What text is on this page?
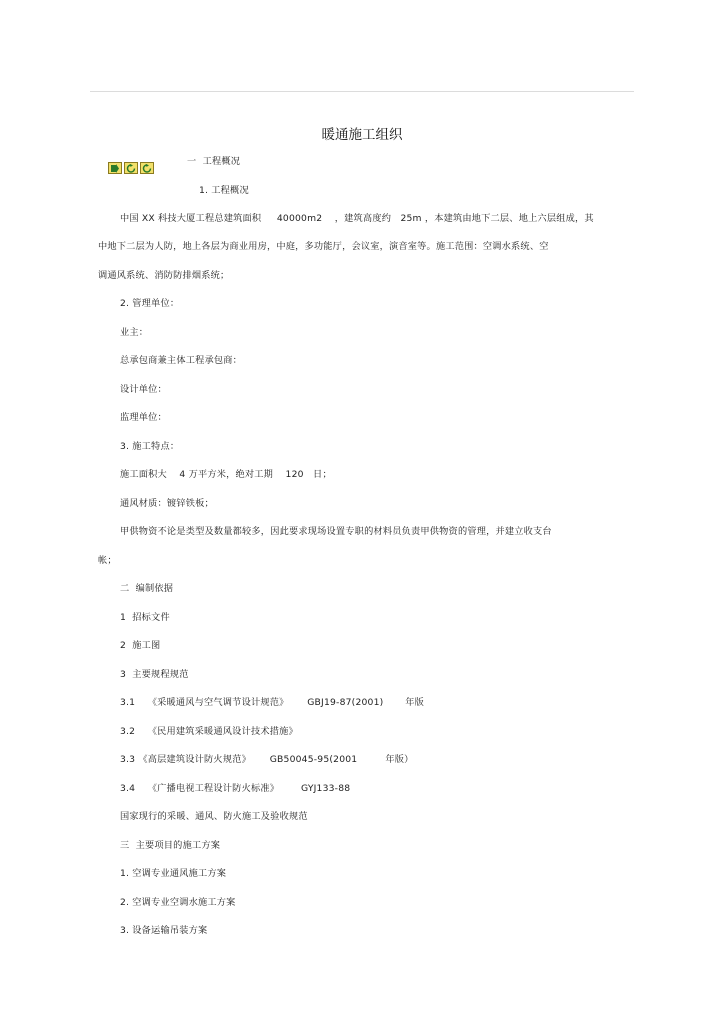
暖通施工组织
一  工程概况
1. 工程概况
中国 XX 科技大厦工程总建筑面积     40000m2    ，建筑高度约   25m ，本建筑由地下二层、地上六层组成，其
中地下二层为人防，地上各层为商业用房，中庭，多功能厅，会议室，演音室等。施工范围：空调水系统、空
调通风系统、消防防排烟系统；
2. 管理单位：
业主：
总承包商兼主体工程承包商：
设计单位：
监理单位：
3. 施工特点：
施工面积大    4 万平方米，绝对工期    120   日；
通风材质：镀锌铁板；
甲供物资不论是类型及数量都较多，因此要求现场设置专职的材料员负责甲供物资的管理，并建立收支台
帐；
二  编制依据
1  招标文件
2  施工图
3  主要规程规范
3.1    《采暖通风与空气调节设计规范》      GBJ19-87(2001)       年版
3.2    《民用建筑采暖通风设计技术措施》
3.3 《高层建筑设计防火规范》      GB50045-95(2001         年版）
3.4    《广播电视工程设计防火标准》       GYJ133-88
国家现行的采暖、通风、防火施工及验收规范
三  主要项目的施工方案
1. 空调专业通风施工方案
2. 空调专业空调水施工方案
3. 设备运输吊装方案
